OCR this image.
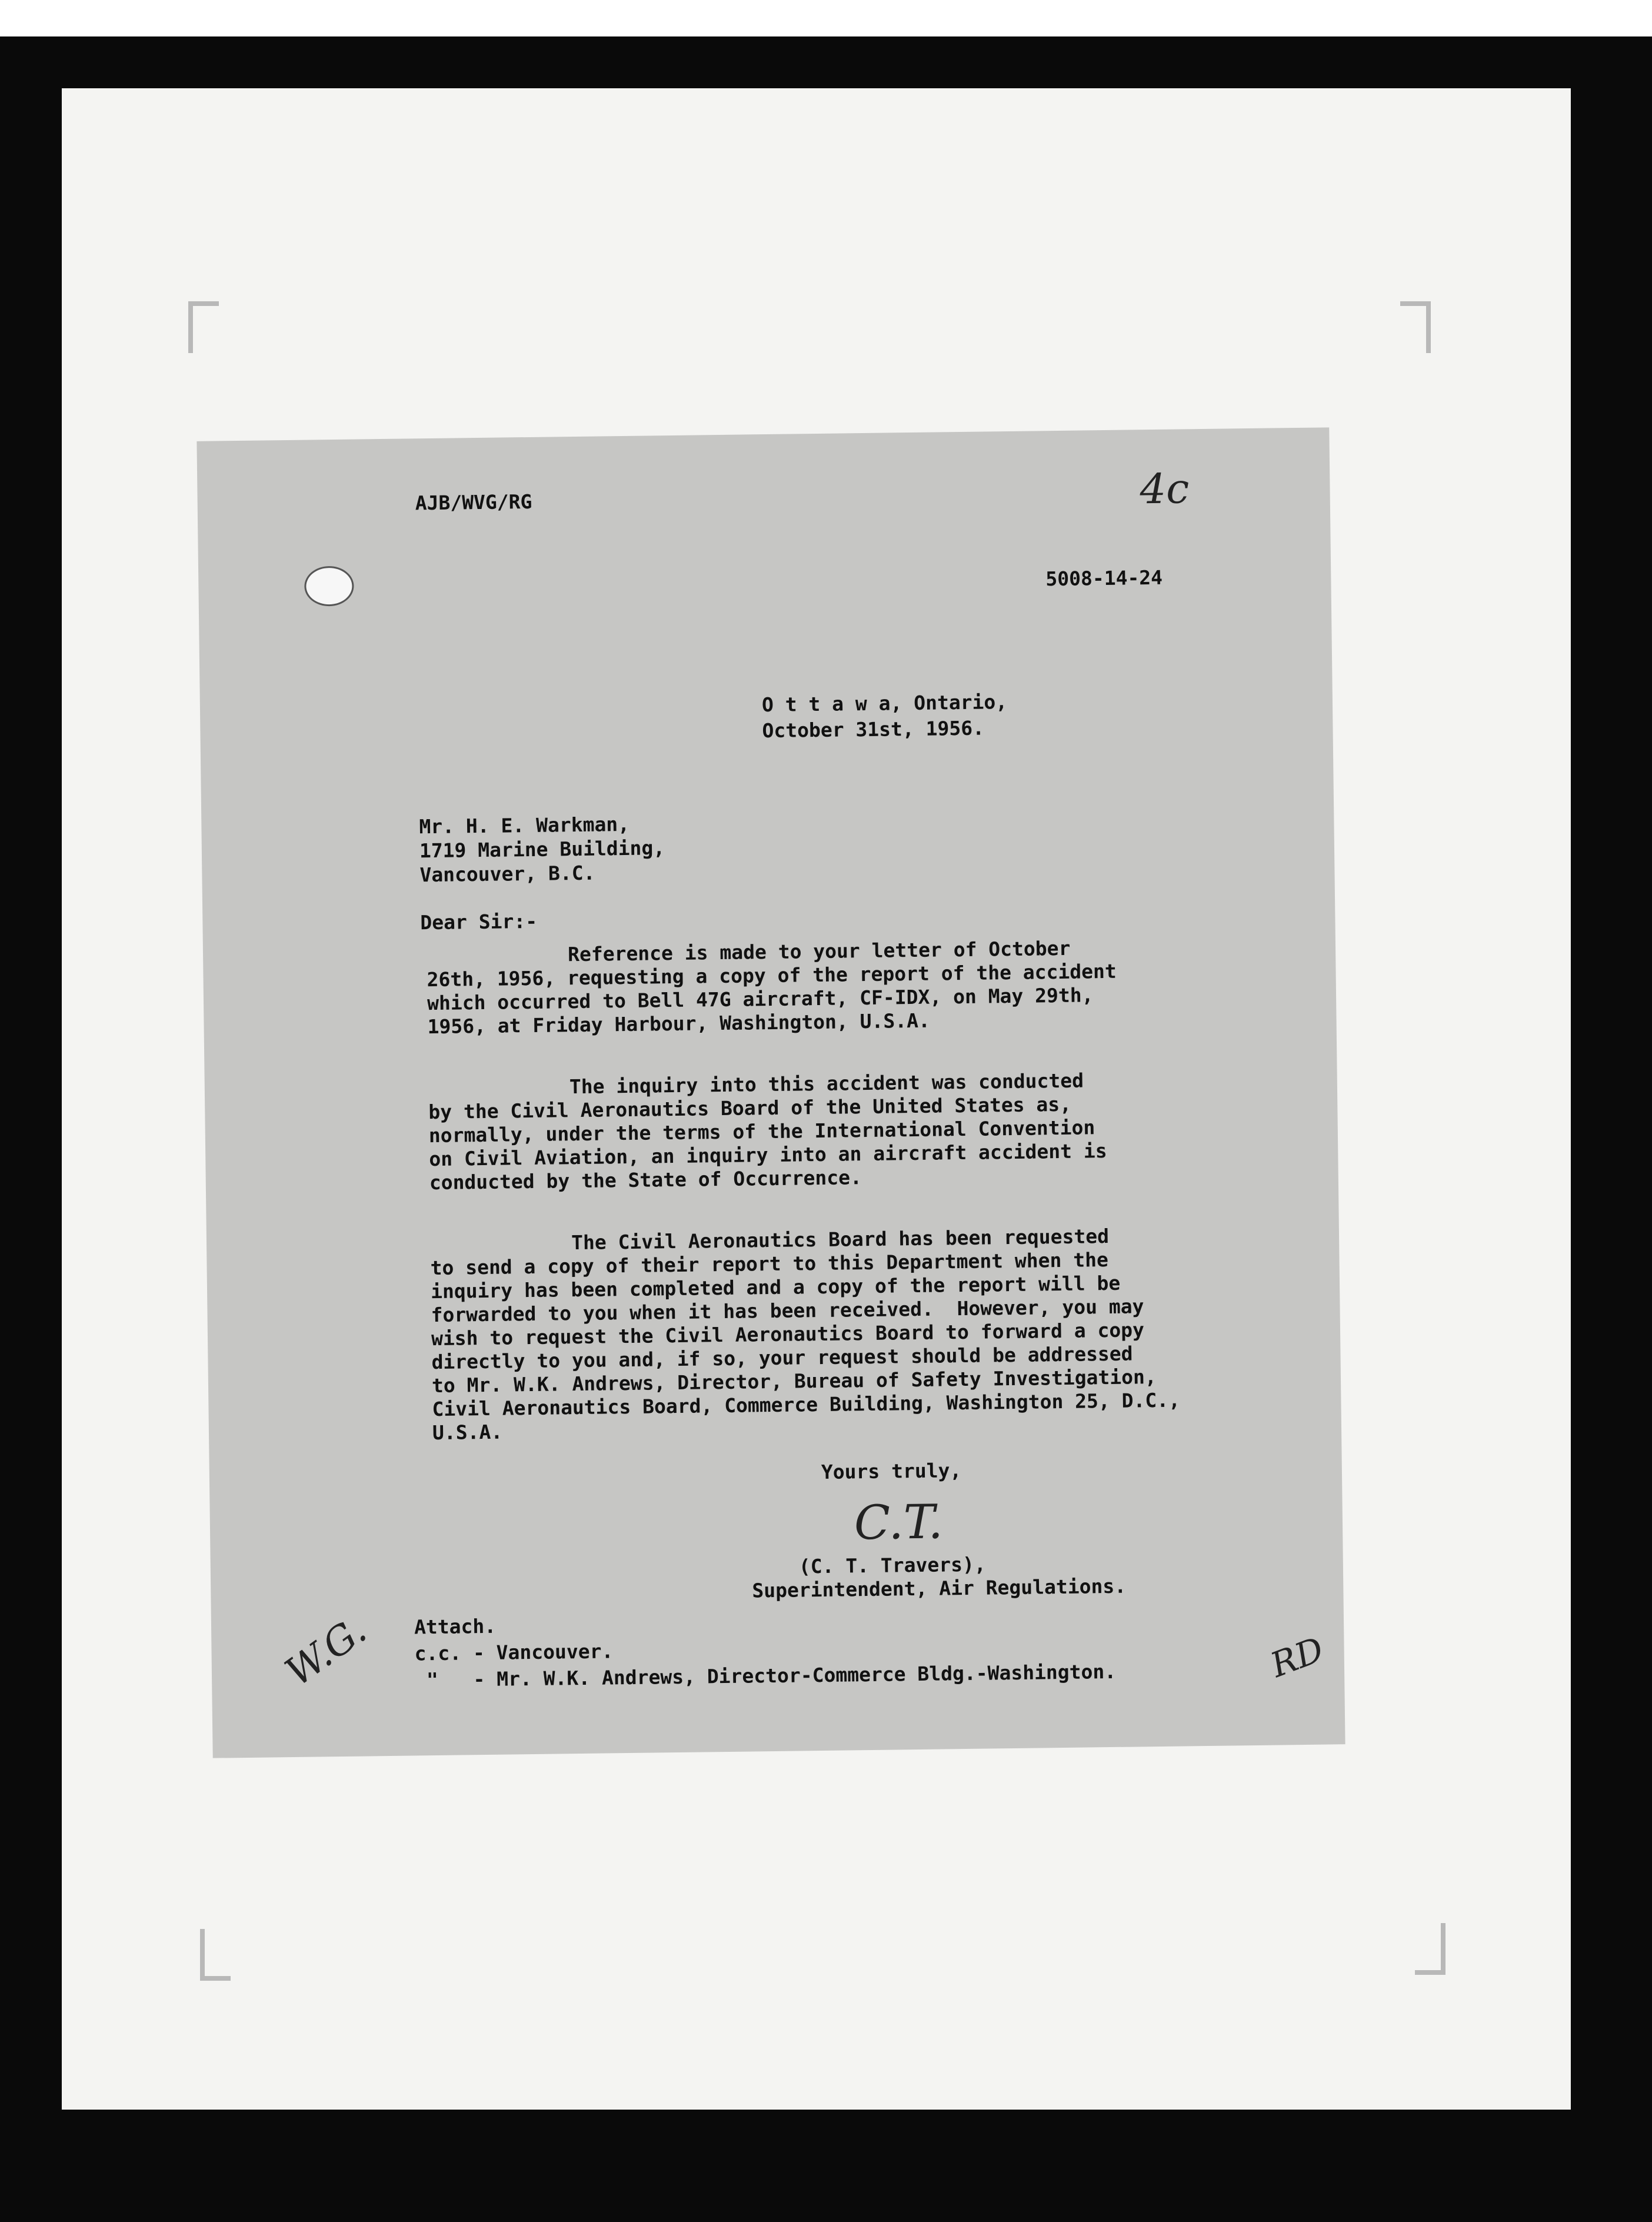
AJB/WVG/RG	4c
5008-14-24
O t t a w a, Ontario,
October 31st, 1956.
Mr. H. E. Warkman,
1719 Marine Building,
Vancouver, B.C.
Dear Sir:-
Reference is made to your letter of October
26th, 1956, requesting a copy of the report of the accident
which occurred to Bell 47G aircraft, CF-IDX, on May 29th,
1956, at Friday Harbour, Washington, U.S.A.
The inquiry into this accident was conducted
by the Civil Aeronautics Board of the United States as,
normally, under the terms of the International Convention
on Civil Aviation, an inquiry into an aircraft accident is
conducted by the State of Occurrence.
The Civil Aeronautics Board has been requested
to send a copy of their report to this Department when the
inquiry has been completed and a copy of the report will be
forwarded to you when it has been received.  However, you may
wish to request the Civil Aeronautics Board to forward a copy
directly to you and, if so, your request should be addressed
to Mr. W.K. Andrews, Director, Bureau of Safety Investigation,
Civil Aeronautics Board, Commerce Building, Washington 25, D.C.,
U.S.A.
Yours truly,
C.T.
(C. T. Travers),
Superintendent, Air Regulations.
Attach.
c.c. - Vancouver.
"   - Mr. W.K. Andrews, Director-Commerce Bldg.-Washington.
W.G.	RD
